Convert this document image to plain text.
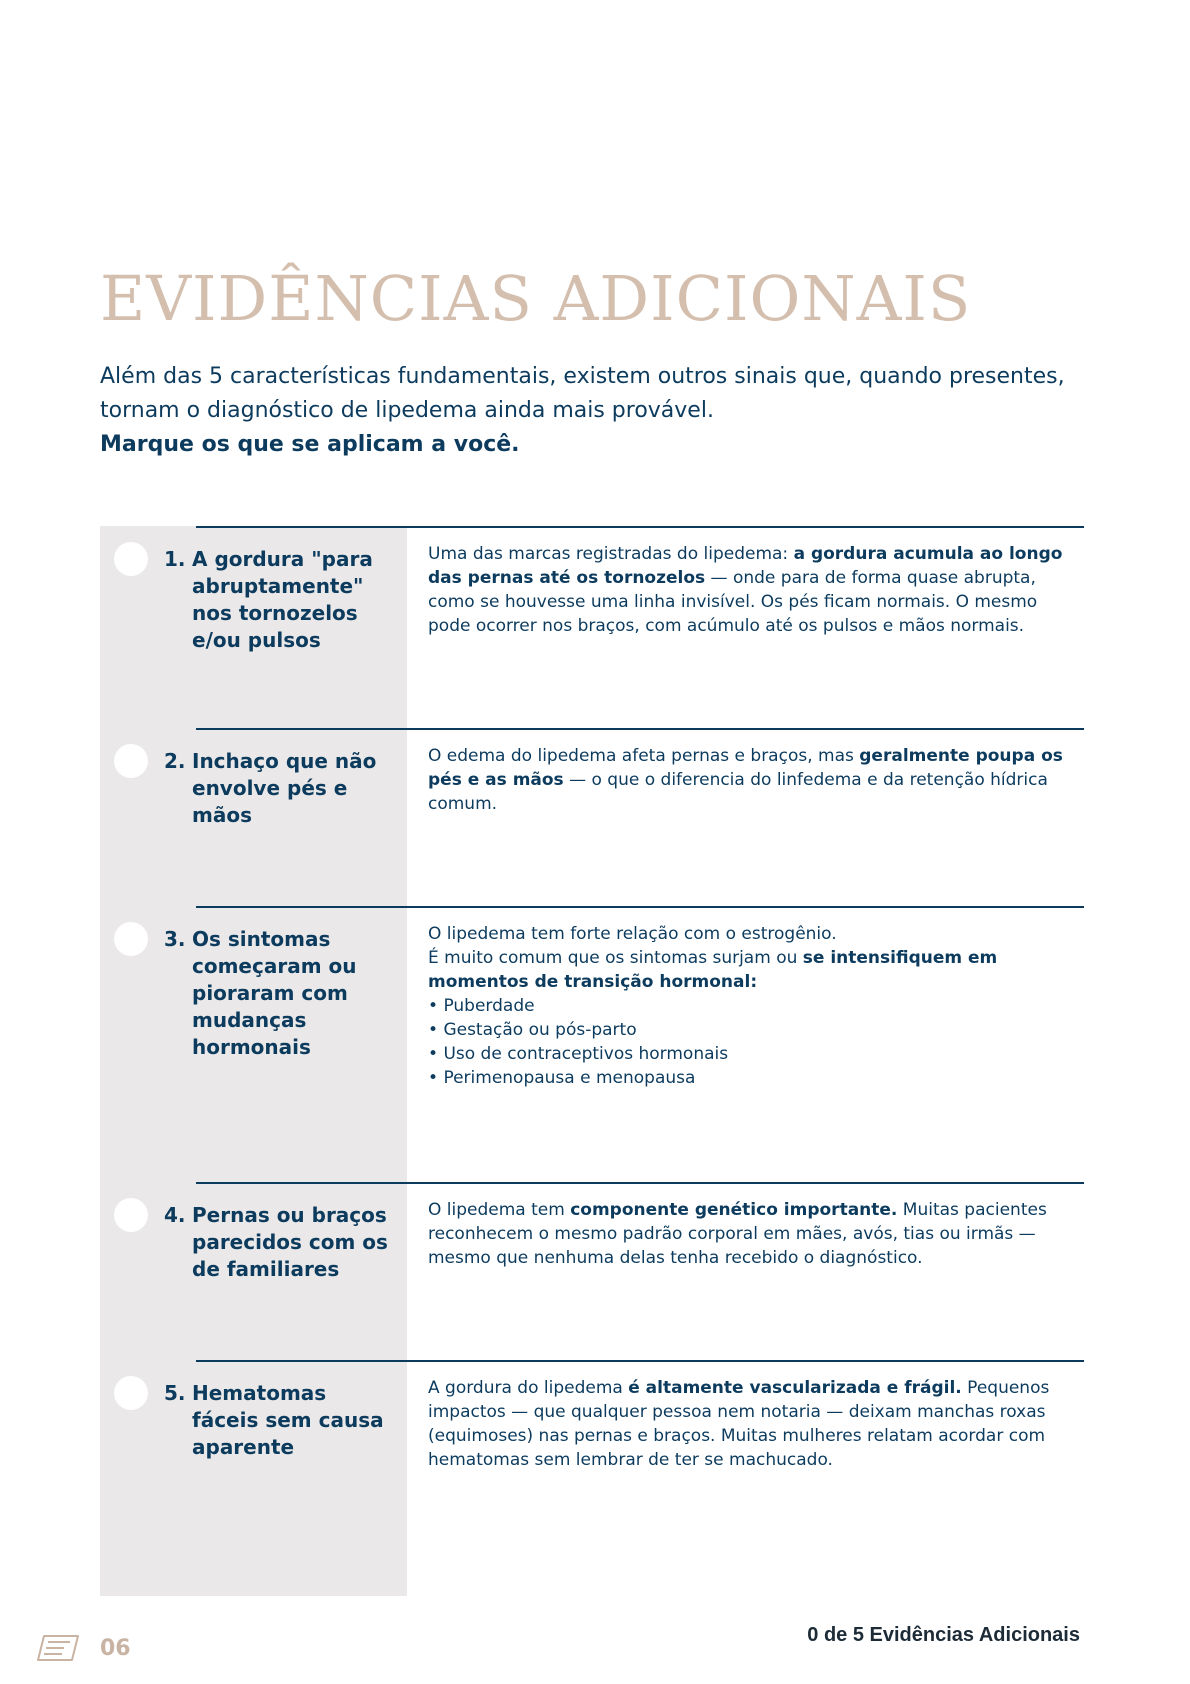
EVIDÊNCIAS ADICIONAIS

Além das 5 características fundamentais, existem outros sinais que, quando presentes, tornam o diagnóstico de lipedema ainda mais provável.

Marque os que se aplicam a você.

1. A gordura "para abruptamente" nos tornozelos e/ou pulsos
Uma das marcas registradas do lipedema: a gordura acumula ao longo das pernas até os tornozelos — onde para de forma quase abrupta, como se houvesse uma linha invisível. Os pés ficam normais. O mesmo pode ocorrer nos braços, com acúmulo até os pulsos e mãos normais.
2. Inchaço que não envolve pés e mãos
O edema do lipedema afeta pernas e braços, mas geralmente poupa os pés e as mãos — o que o diferencia do linfedema e da retenção hídrica comum.
3. Os sintomas começaram ou pioraram com mudanças hormonais
O lipedema tem forte relação com o estrogênio.
É muito comum que os sintomas surjam ou se intensifiquem em momentos de transição hormonal:
• Puberdade
• Gestação ou pós-parto
• Uso de contraceptivos hormonais
• Perimenopausa e menopausa
4. Pernas ou braços parecidos com os de familiares
O lipedema tem componente genético importante. Muitas pacientes reconhecem o mesmo padrão corporal em mães, avós, tias ou irmãs — mesmo que nenhuma delas tenha recebido o diagnóstico.
5. Hematomas fáceis sem causa aparente
A gordura do lipedema é altamente vascularizada e frágil. Pequenos impactos — que qualquer pessoa nem notaria — deixam manchas roxas (equimoses) nas pernas e braços. Muitas mulheres relatam acordar com hematomas sem lembrar de ter se machucado.
06
0 de 5 Evidências Adicionais
